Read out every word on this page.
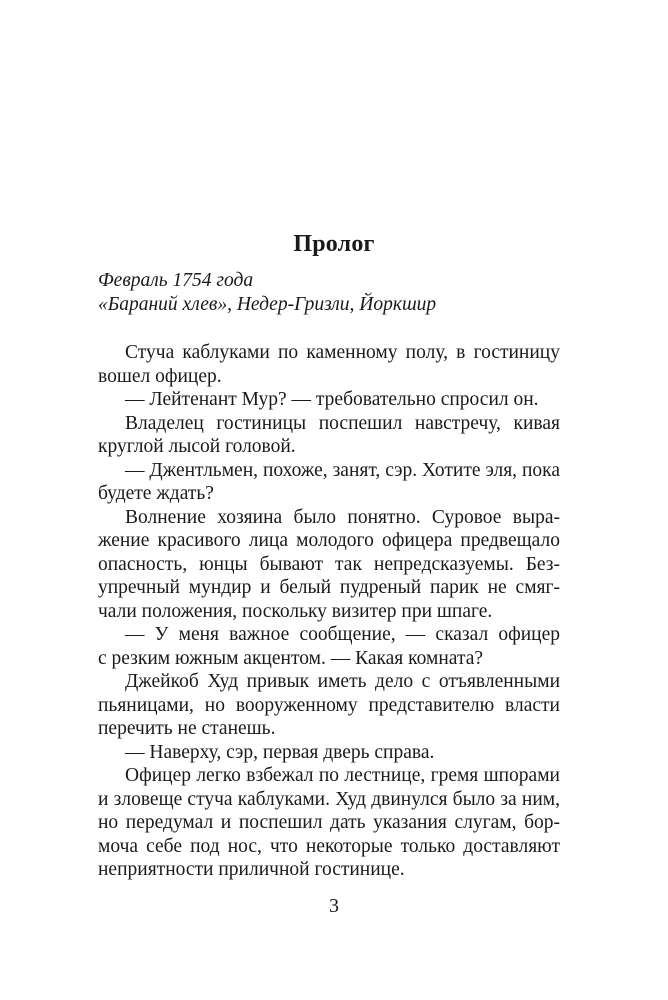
Пролог
Февраль 1754 года
«Бараний хлев», Недер-Гризли, Йоркшир
Стуча каблуками по каменному полу, в гостиницу
вошел офицер.
— Лейтенант Мур? — требовательно спросил он.
Владелец гостиницы поспешил навстречу, кивая
круглой лысой головой.
— Джентльмен, похоже, занят, сэр. Хотите эля, пока
будете ждать?
Волнение хозяина было понятно. Суровое выра-
жение красивого лица молодого офицера предвещало
опасность, юнцы бывают так непредсказуемы. Без-
упречный мундир и белый пудреный парик не смяг-
чали положения, поскольку визитер при шпаге.
— У меня важное сообщение, — сказал офицер
с резким южным акцентом. — Какая комната?
Джейкоб Худ привык иметь дело с отъявленными
пьяницами, но вооруженному представителю власти
перечить не станешь.
— Наверху, сэр, первая дверь справа.
Офицер легко взбежал по лестнице, гремя шпорами
и зловеще стуча каблуками. Худ двинулся было за ним,
но передумал и поспешил дать указания слугам, бор-
моча себе под нос, что некоторые только доставляют
неприятности приличной гостинице.
3
